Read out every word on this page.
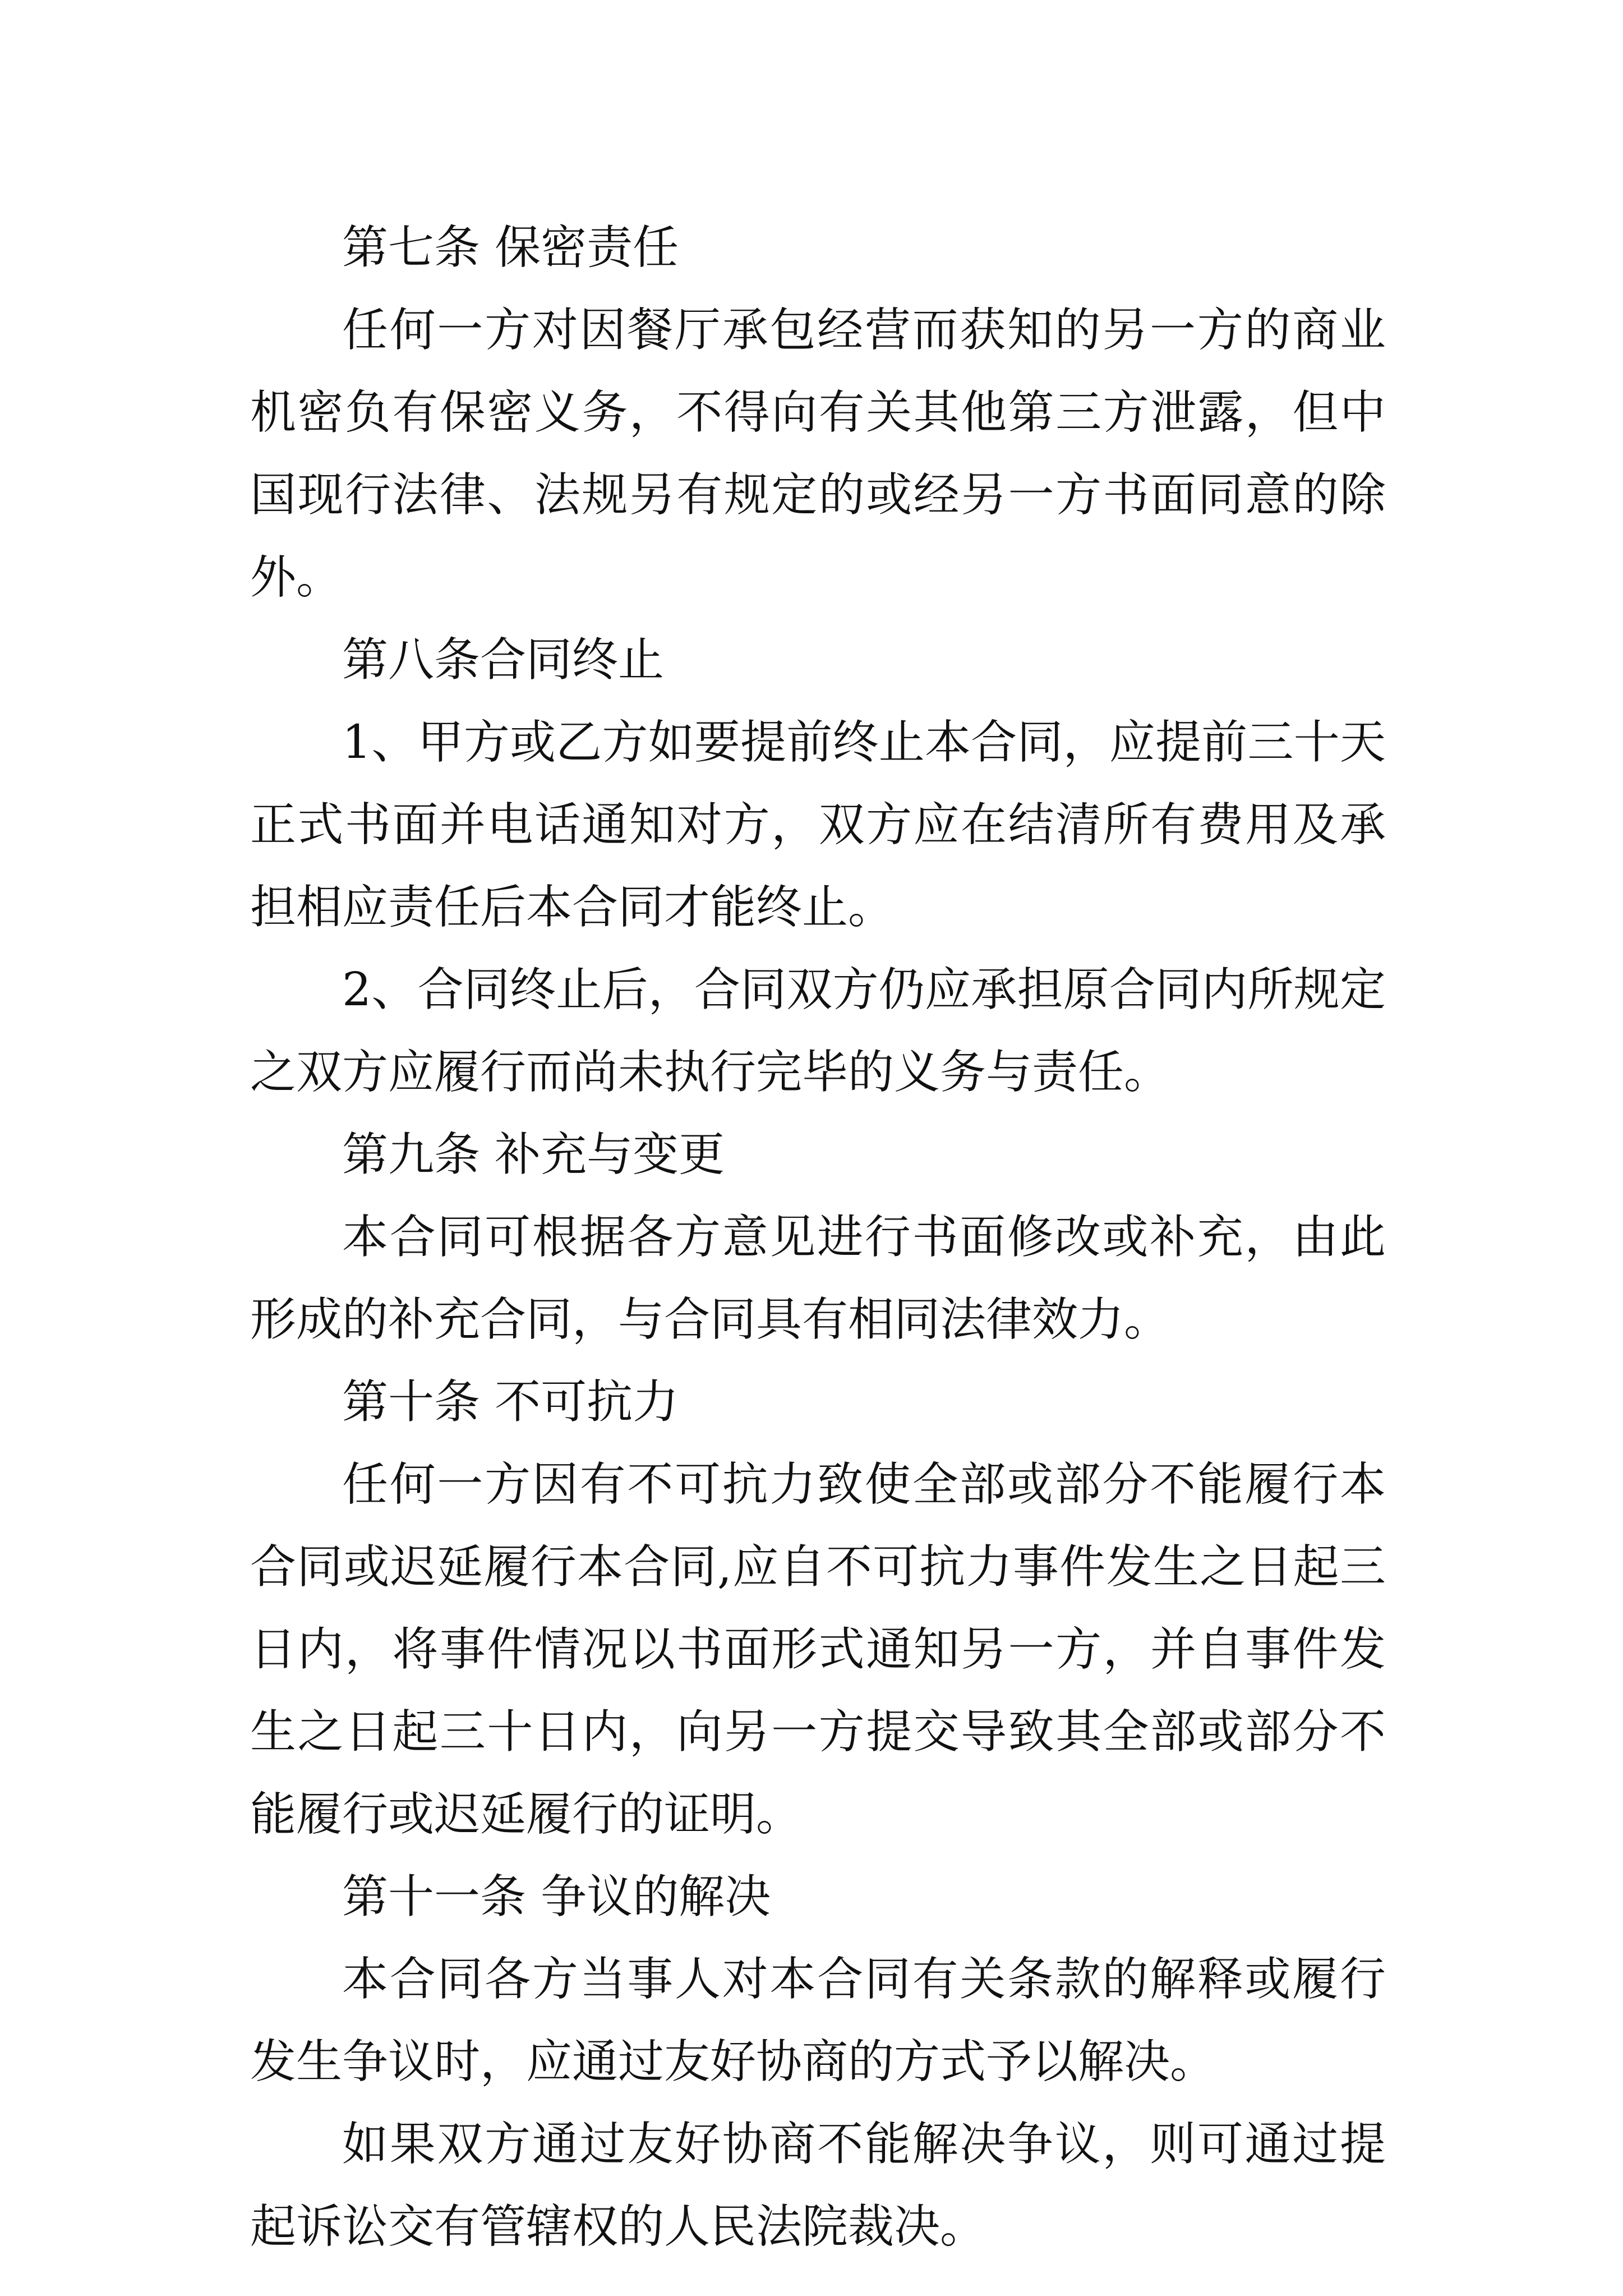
第七条 保密责任

任何一方对因餐厅承包经营而获知的另一方的商业机密负有保密义务，不得向有关其他第三方泄露，但中国现行法律、法规另有规定的或经另一方书面同意的除外。

第八条合同终止

1、甲方或乙方如要提前终止本合同，应提前三十天正式书面并电话通知对方，双方应在结清所有费用及承担相应责任后本合同才能终止。

2、合同终止后，合同双方仍应承担原合同内所规定之双方应履行而尚未执行完毕的义务与责任。

第九条 补充与变更

本合同可根据各方意见进行书面修改或补充，由此形成的补充合同，与合同具有相同法律效力。

第十条 不可抗力

任何一方因有不可抗力致使全部或部分不能履行本合同或迟延履行本合同,应自不可抗力事件发生之日起三日内，将事件情况以书面形式通知另一方，并自事件发生之日起三十日内，向另一方提交导致其全部或部分不能履行或迟延履行的证明。

第十一条 争议的解决

本合同各方当事人对本合同有关条款的解释或履行发生争议时，应通过友好协商的方式予以解决。

如果双方通过友好协商不能解决争议，则可通过提起诉讼交有管辖权的人民法院裁决。
